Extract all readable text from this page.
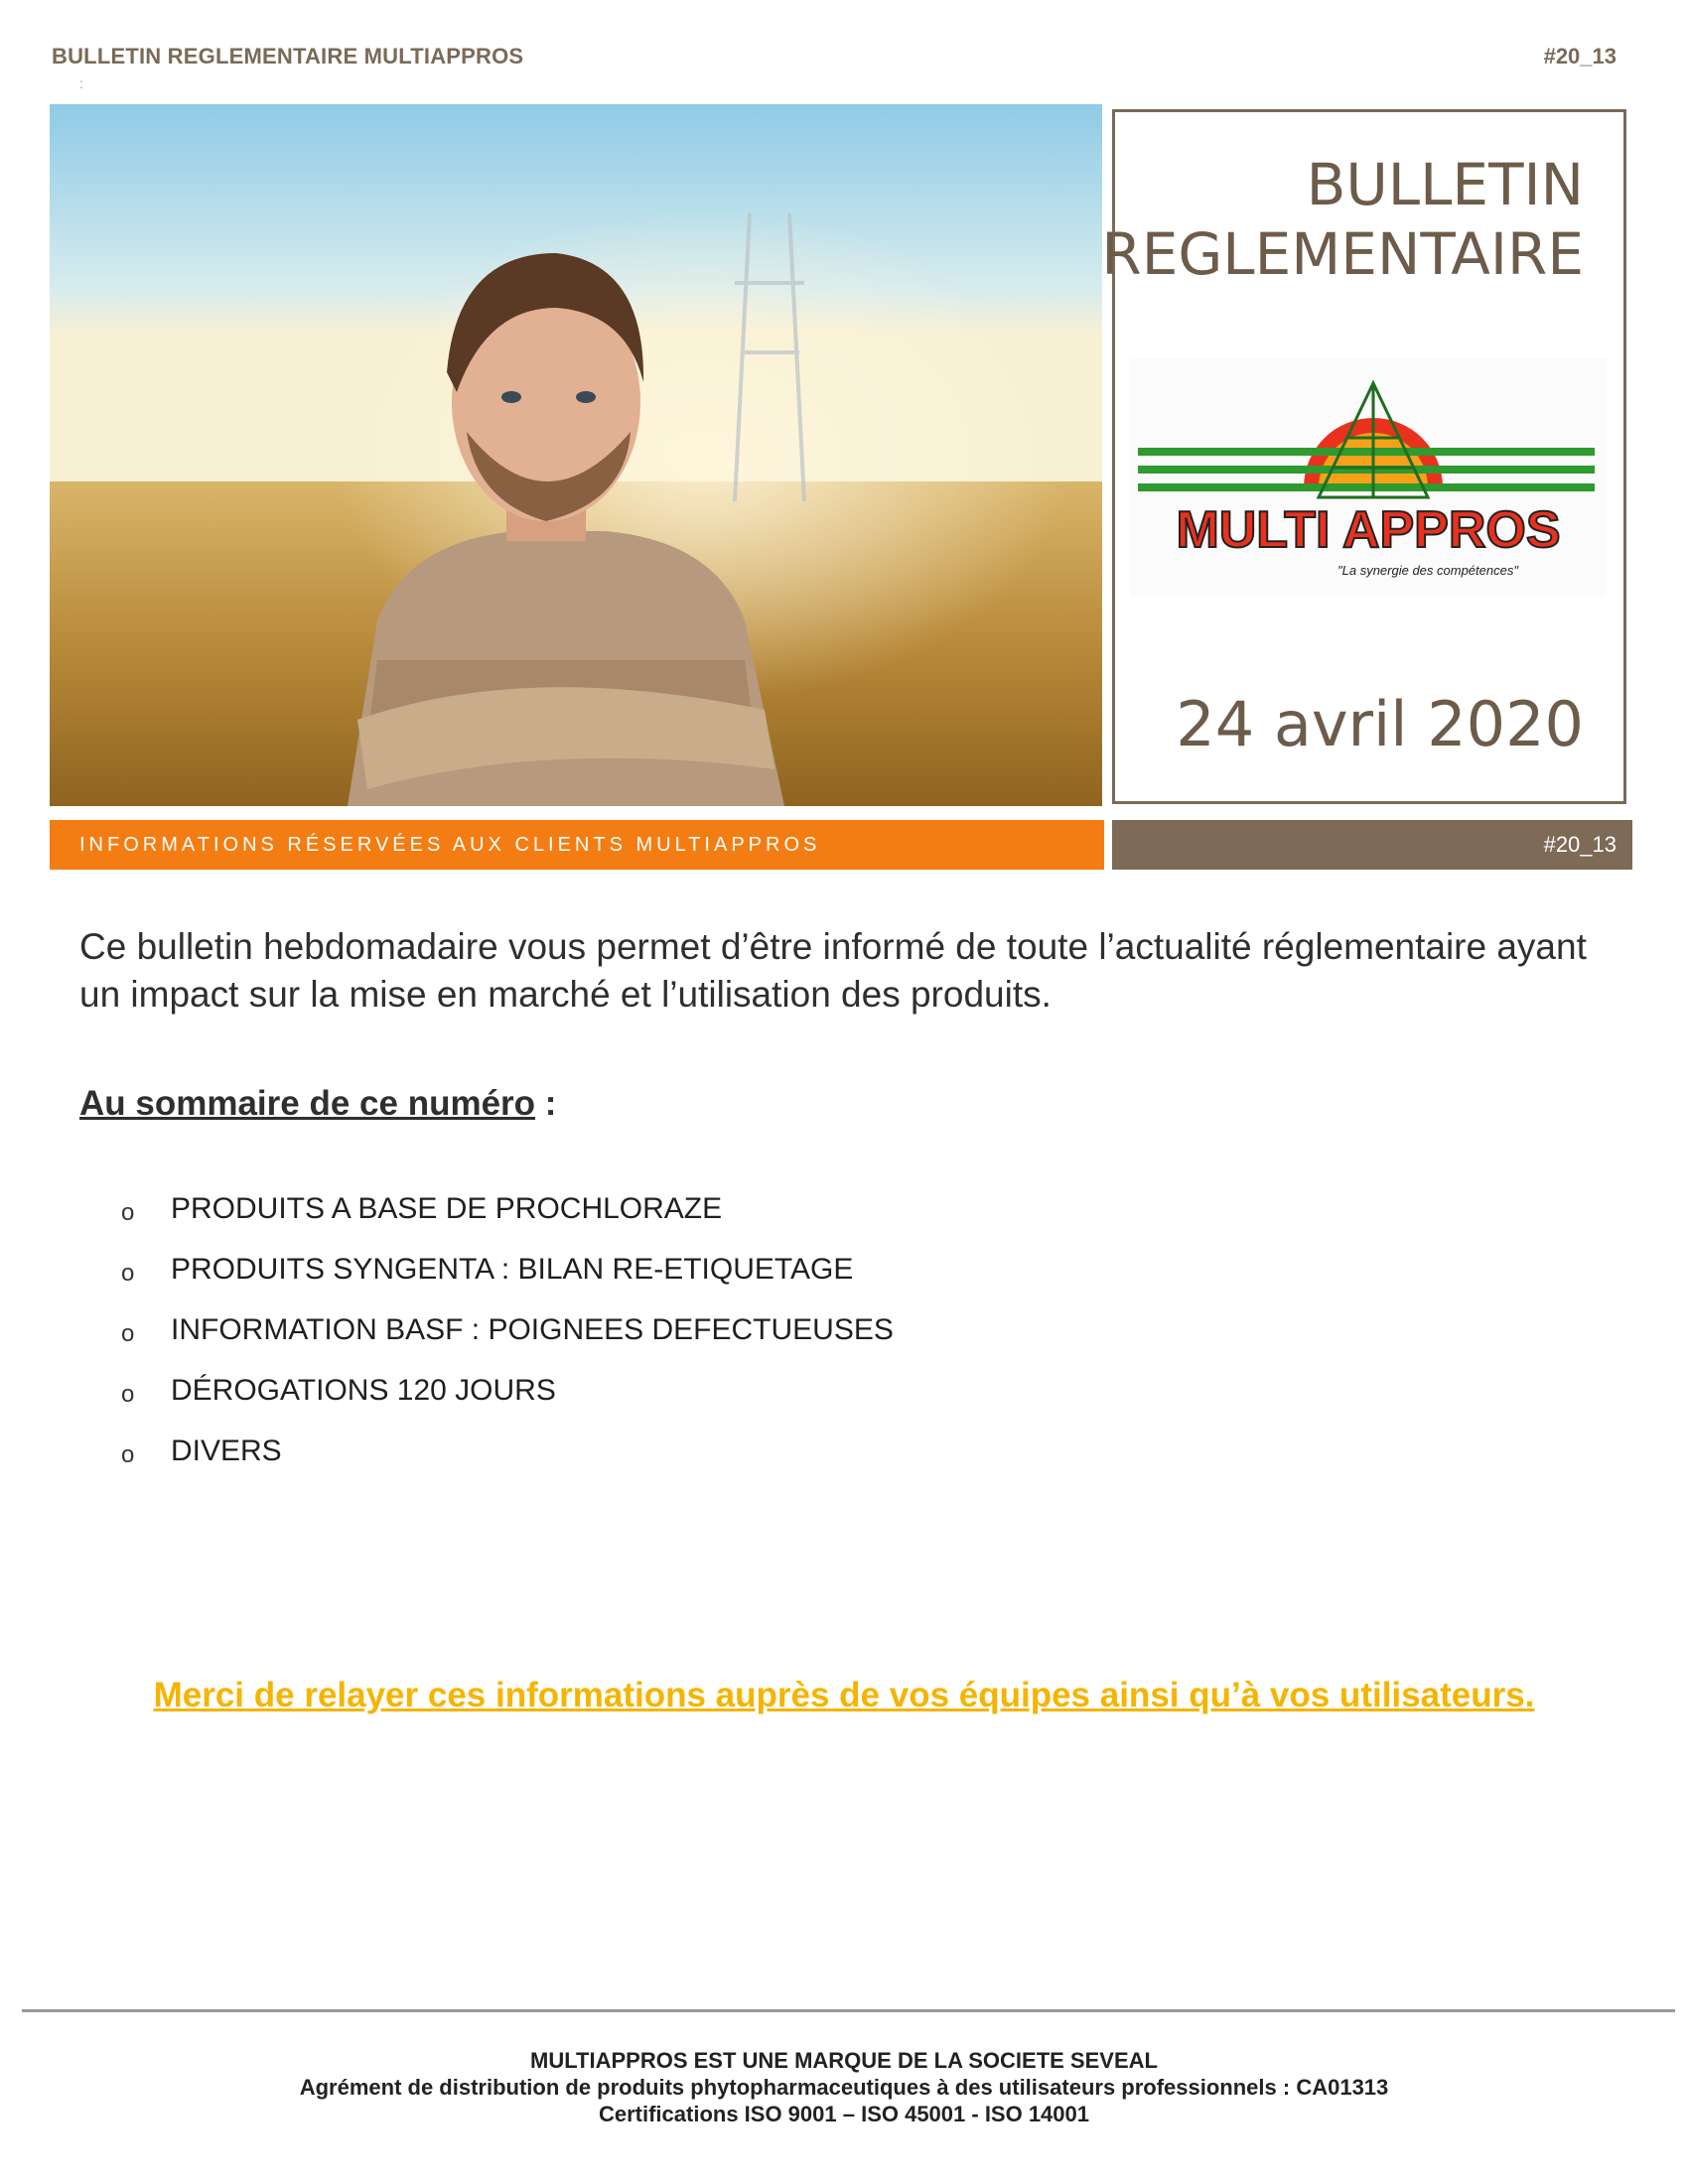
BULLETIN REGLEMENTAIRE MULTIAPPROS	#20_13
:
BULLETIN
REGLEMENTAIRE
MULTI APPROS
"La synergie des compétences"
24 avril 2020
INFORMATIONS RÉSERVÉES AUX CLIENTS MULTIAPPROS	#20_13
Ce bulletin hebdomadaire vous permet d’être informé de toute l’actualité réglementaire ayant un impact sur la mise en marché et l’utilisation des produits.
Au sommaire de ce numéro :
o PRODUITS A BASE DE PROCHLORAZE
o PRODUITS SYNGENTA : BILAN RE-ETIQUETAGE
o INFORMATION BASF : POIGNEES DEFECTUEUSES
o DÉROGATIONS 120 JOURS
o DIVERS
Merci de relayer ces informations auprès de vos équipes ainsi qu’à vos utilisateurs.
MULTIAPPROS EST UNE MARQUE DE LA SOCIETE SEVEAL
Agrément de distribution de produits phytopharmaceutiques à des utilisateurs professionnels : CA01313
Certifications ISO 9001 – ISO 45001 - ISO 14001
